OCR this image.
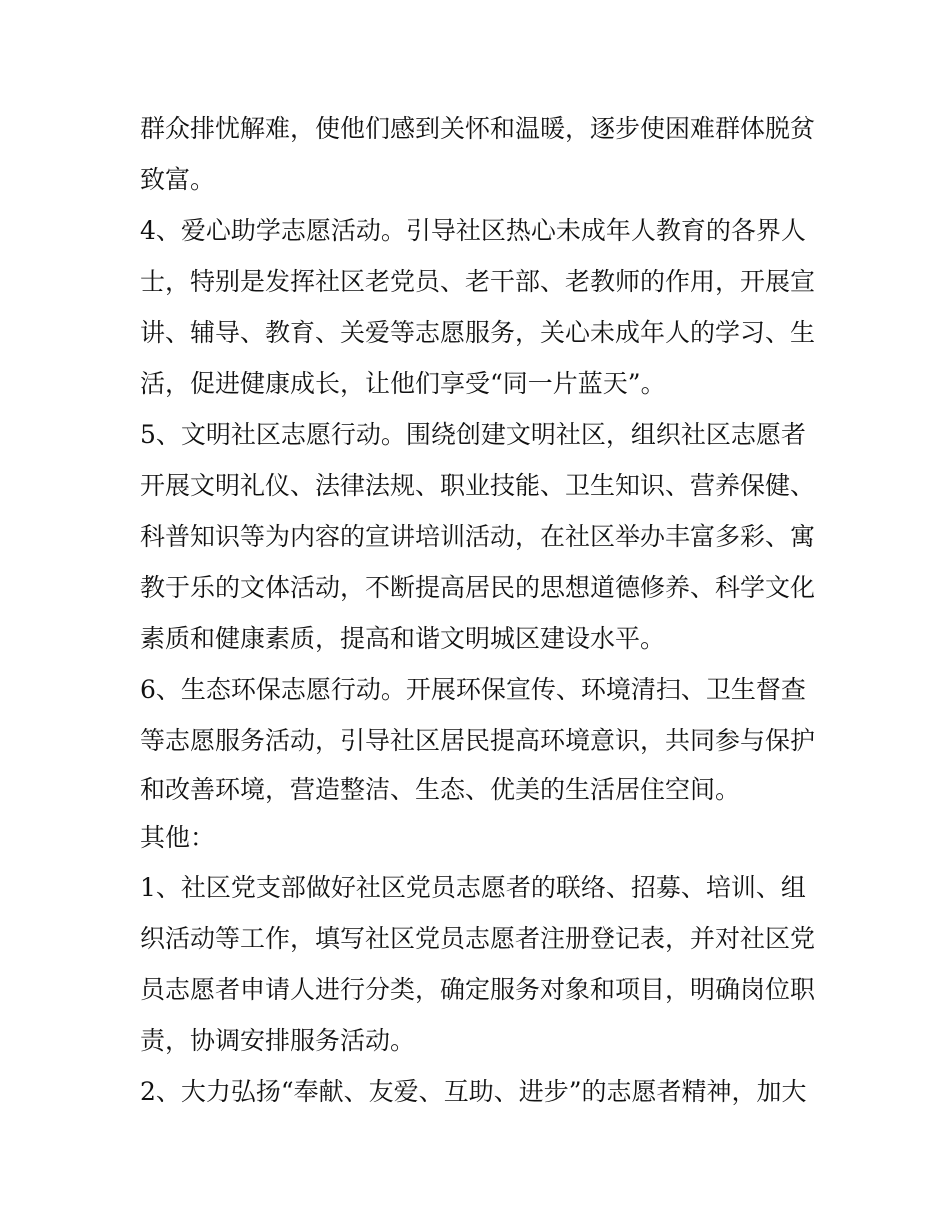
群众排忧解难，使他们感到关怀和温暖，逐步使困难群体脱贫
致富。
4、爱心助学志愿活动。引导社区热心未成年人教育的各界人
士，特别是发挥社区老党员、老干部、老教师的作用，开展宣
讲、辅导、教育、关爱等志愿服务，关心未成年人的学习、生
活，促进健康成长，让他们享受“同一片蓝天”。
5、文明社区志愿行动。围绕创建文明社区，组织社区志愿者
开展文明礼仪、法律法规、职业技能、卫生知识、营养保健、
科普知识等为内容的宣讲培训活动，在社区举办丰富多彩、寓
教于乐的文体活动，不断提高居民的思想道德修养、科学文化
素质和健康素质，提高和谐文明城区建设水平。
6、生态环保志愿行动。开展环保宣传、环境清扫、卫生督查
等志愿服务活动，引导社区居民提高环境意识，共同参与保护
和改善环境，营造整洁、生态、优美的生活居住空间。
其他：
1、社区党支部做好社区党员志愿者的联络、招募、培训、组
织活动等工作，填写社区党员志愿者注册登记表，并对社区党
员志愿者申请人进行分类，确定服务对象和项目，明确岗位职
责，协调安排服务活动。
2、大力弘扬“奉献、友爱、互助、进步”的志愿者精神，加大
